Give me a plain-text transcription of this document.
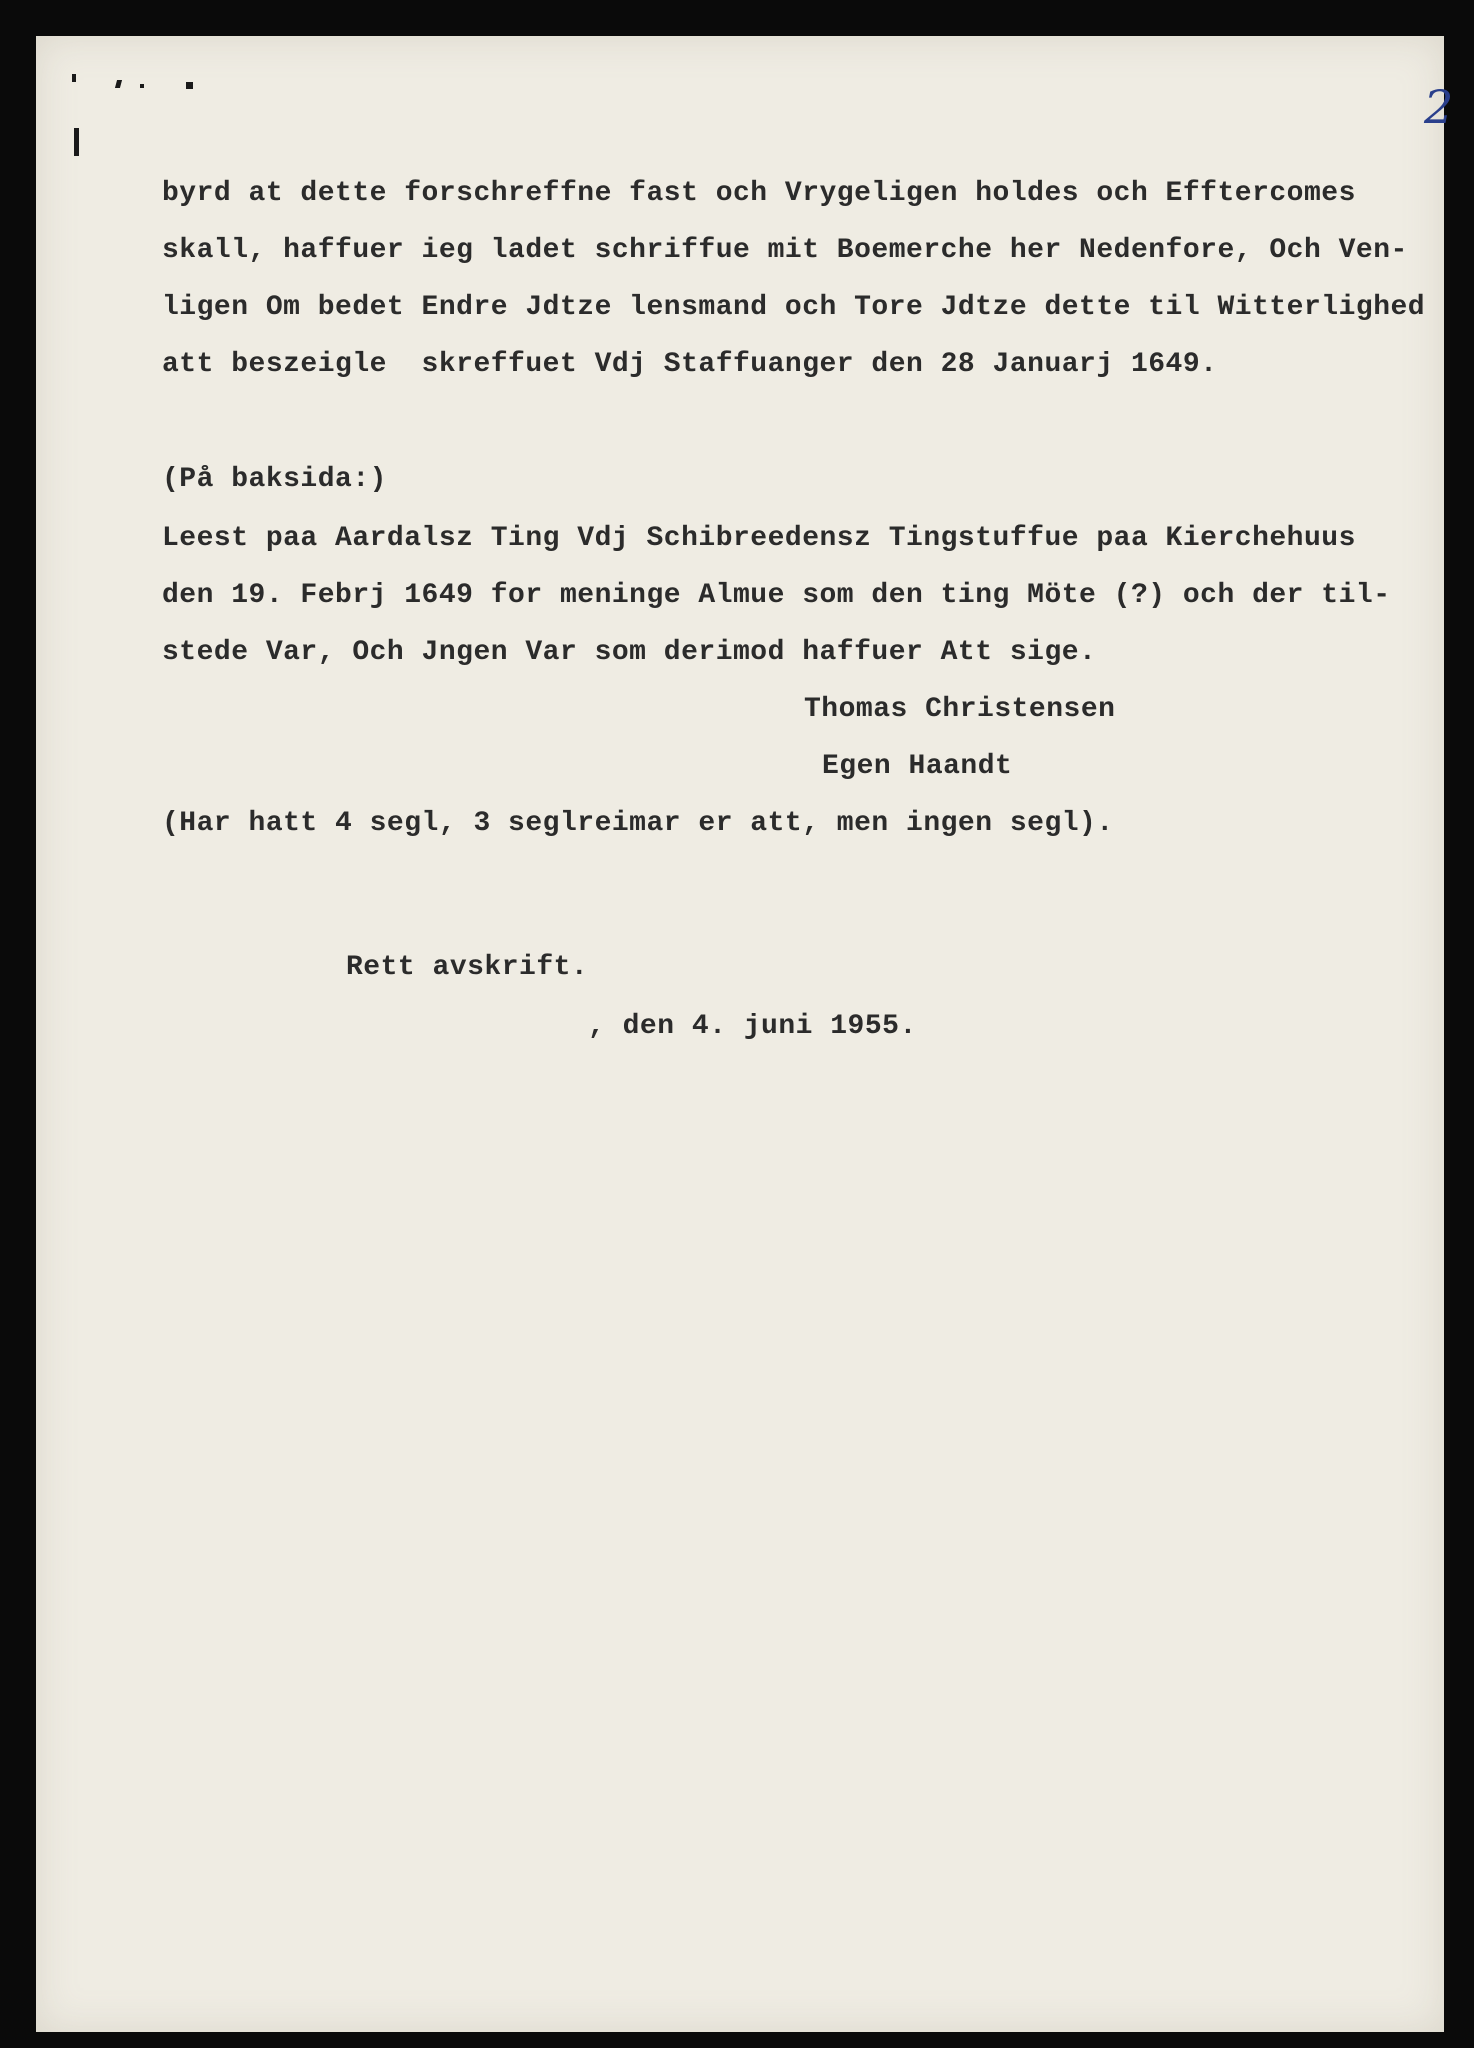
2
byrd at dette forschreffne fast och Vrygeligen holdes och Efftercomes
skall, haffuer ieg ladet schriffue mit Boemerche her Nedenfore, Och Ven-
ligen Om bedet Endre Jdtze lensmand och Tore Jdtze dette til Witterlighed
att beszeigle  skreffuet Vdj Staffuanger den 28 Januarj 1649.
(På baksida:)
Leest paa Aardalsz Ting Vdj Schibreedensz Tingstuffue paa Kierchehuus
den 19. Febrj 1649 for meninge Almue som den ting Möte (?) och der til-
stede Var, Och Jngen Var som derimod haffuer Att sige.
Thomas Christensen
Egen Haandt
(Har hatt 4 segl, 3 seglreimar er att, men ingen segl).
Rett avskrift.
, den 4. juni 1955.
